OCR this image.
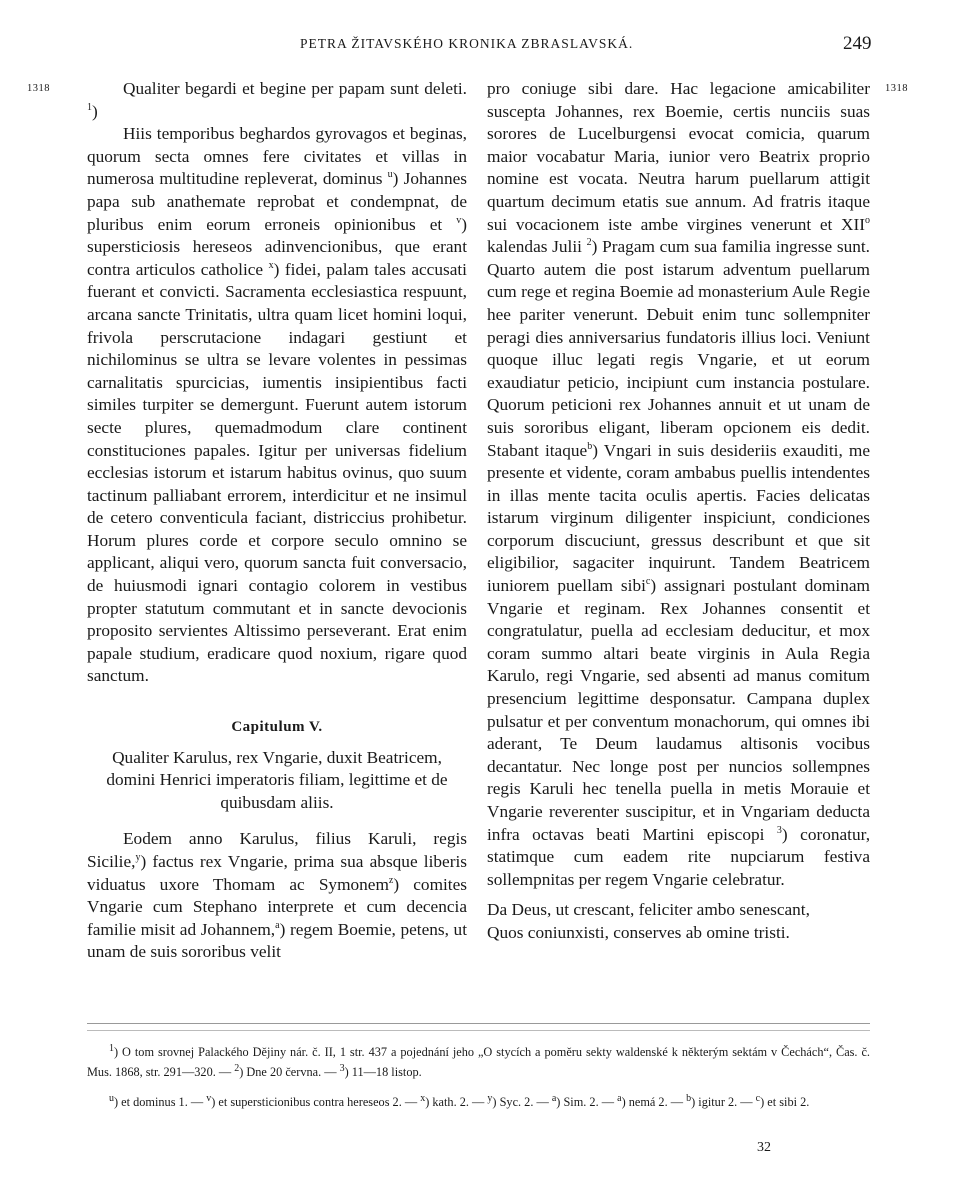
PETRA ŽITAVSKÉHO KRONIKA ZBRASLAVSKÁ.	249
1318	1318

Qualiter begardi et begine per papam sunt deleti. $^1$)

Hiis temporibus beghardos gyrovagos et beginas, quorum secta omnes fere civitates et villas in numerosa multitudine repleverat, dominus $^u$) Johannes papa sub anathemate reprobat et condempnat, de pluribus enim eorum erroneis opinionibus et $^v$) supersticiosis hereseos adinvencionibus, que erant contra articulos catholice $^x$) fidei, palam tales accusati fuerant et convicti. Sacramenta ecclesiastica respuunt, arcana sancte Trinitatis, ultra quam licet homini loqui, frivola perscrutacione indagari gestiunt et nichilominus se ultra se levare volentes in pessimas carnalitatis spurcicias, iumentis insipientibus facti similes turpiter se demergunt. Fuerunt autem istorum secte plures, quemadmodum clare continent constituciones papales. Igitur per universas fidelium ecclesias istorum et istarum habitus ovinus, quo suum tactinum palliabant errorem, interdicitur et ne insimul de cetero conventicula faciant, districcius prohibetur. Horum plures corde et corpore seculo omnino se applicant, aliqui vero, quorum sancta fuit conversacio, de huiusmodi ignari contagio colorem in vestibus propter statutum commutant et in sancte devocionis proposito servientes Altissimo perseverant. Erat enim papale studium, eradicare quod noxium, rigare quod sanctum.

Capitulum V.

Qualiter Karulus, rex Vngarie, duxit Beatricem, domini Henrici imperatoris filiam, legittime et de quibusdam aliis.

Eodem anno Karulus, filius Karuli, regis Sicilie,$^y$) factus rex Vngarie, prima sua absque liberis viduatus uxore Thomam ac Symonem$^z$) comites Vngarie cum Stephano interprete et cum decencia familie misit ad Johannem,$^a$) regem Boemie, petens, ut unam de suis sororibus velit

pro coniuge sibi dare. Hac legacione amicabiliter suscepta Johannes, rex Boemie, certis nunciis suas sorores de Lucelburgensi evocat comicia, quarum maior vocabatur Maria, iunior vero Beatrix proprio nomine est vocata. Neutra harum puellarum attigit quartum decimum etatis sue annum. Ad fratris itaque sui vocacionem iste ambe virgines venerunt et XII$^o$ kalendas Julii $^2$) Pragam cum sua familia ingresse sunt. Quarto autem die post istarum adventum puellarum cum rege et regina Boemie ad monasterium Aule Regie hee pariter venerunt. Debuit enim tunc sollempniter peragi dies anniversarius fundatoris illius loci. Veniunt quoque illuc legati regis Vngarie, et ut eorum exaudiatur peticio, incipiunt cum instancia postulare. Quorum peticioni rex Johannes annuit et ut unam de suis sororibus eligant, liberam opcionem eis dedit. Stabant itaque$^b$) Vngari in suis desideriis exauditi, me presente et vidente, coram ambabus puellis intendentes in illas mente tacita oculis apertis. Facies delicatas istarum virginum diligenter inspiciunt, condiciones corporum discuciunt, gressus describunt et que sit eligibilior, sagaciter inquirunt. Tandem Beatricem iuniorem puellam sibi$^c$) assignari postulant dominam Vngarie et reginam. Rex Johannes consentit et congratulatur, puella ad ecclesiam deducitur, et mox coram summo altari beate virginis in Aula Regia Karulo, regi Vngarie, sed absenti ad manus comitum presencium legittime desponsatur. Campana duplex pulsatur et per conventum monachorum, qui omnes ibi aderant, Te Deum laudamus altisonis vocibus decantatur. Nec longe post per nuncios sollempnes regis Karuli hec tenella puella in metis Morauie et Vngarie reverenter suscipitur, et in Vngariam deducta infra octavas beati Martini episcopi $^3$) coronatur, statimque cum eadem rite nupciarum festiva sollempnitas per regem Vngarie celebratur.

Da Deus, ut crescant, feliciter ambo senescant,
Quos coniunxisti, conserves ab omine tristi.

$^1$) O tom srovnej Palackého Dějiny nár. č. II, 1 str. 437 a pojednání jeho „O stycích a poměru sekty waldenské k některým sektám v Čechách“, Čas. č. Mus. 1868, str. 291—320. — $^2$) Dne 20 června. — $^3$) 11—18 listop.

$^u$) et dominus 1. — $^v$) et supersticionibus contra hereseos 2. — $^x$) kath. 2. — $^y$) Syc. 2. — $^a$) Sim. 2. — $^a$) nemá 2. — $^b$) igitur 2. — $^c$) et sibi 2.

32
